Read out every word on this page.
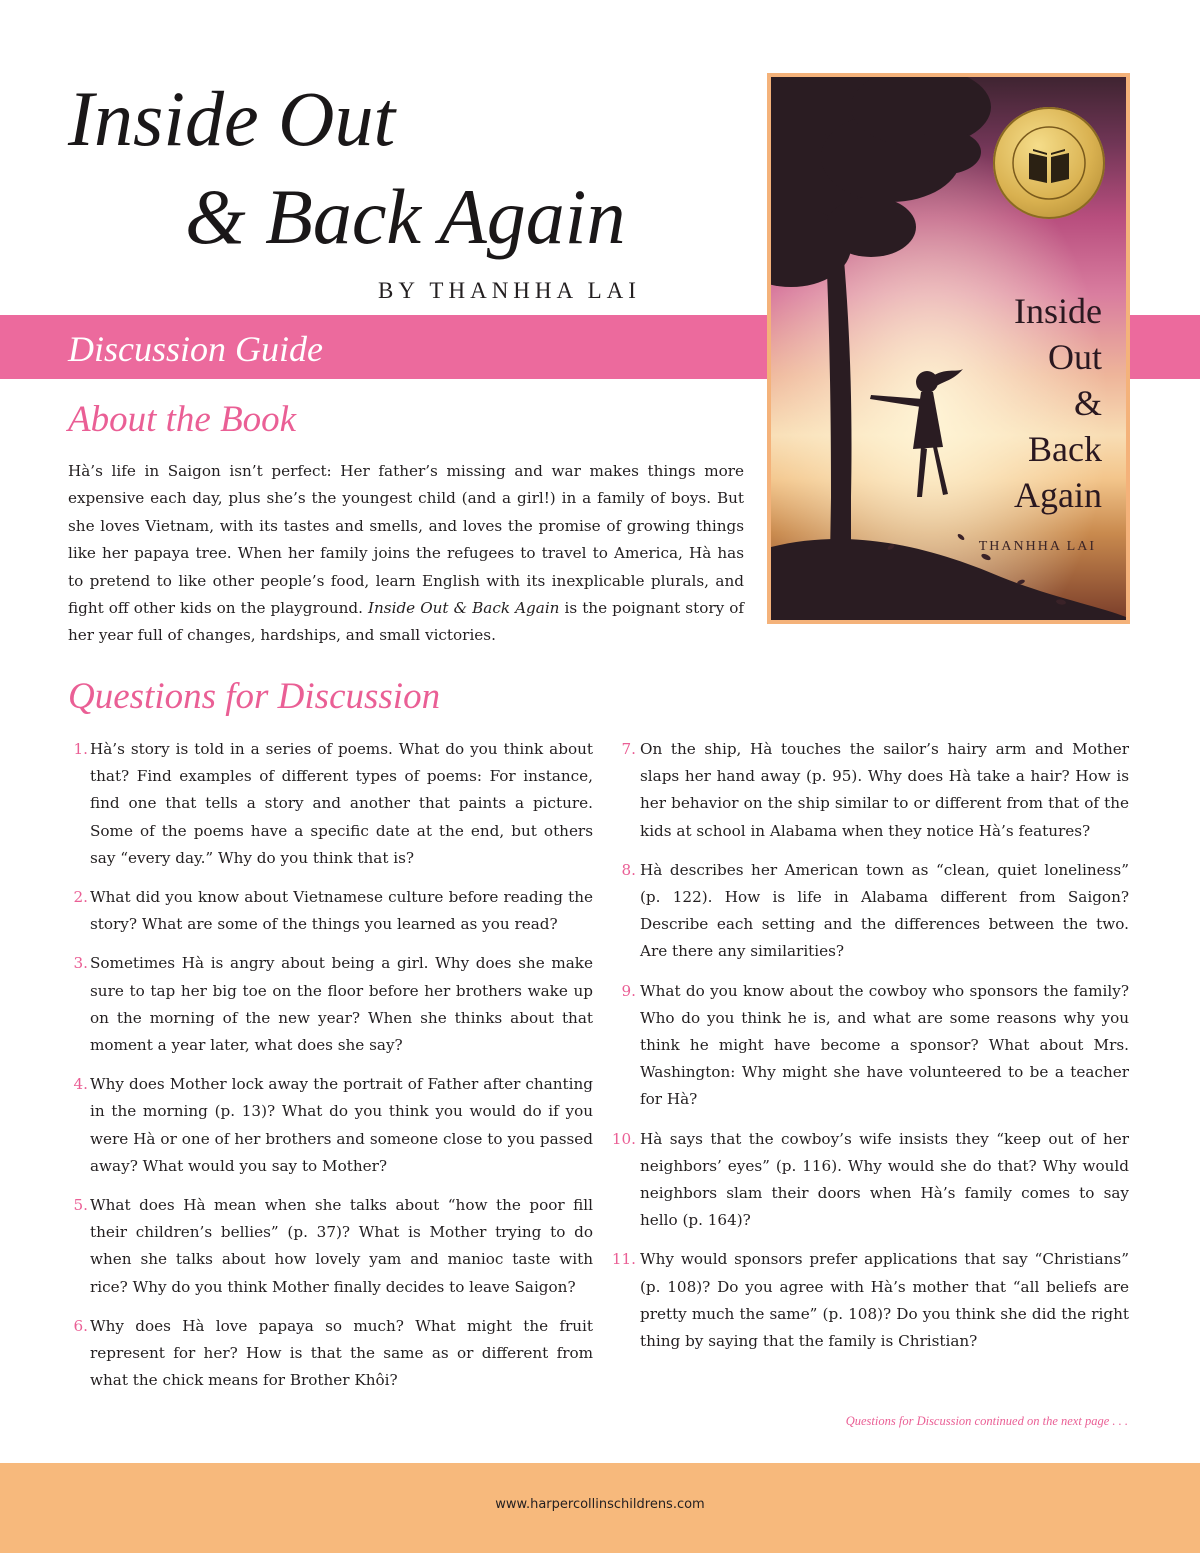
Inside Out
& Back Again
BY THANHHA LAI
Discussion Guide
Inside
Out
&
Back
Again
THANHHA LAI
About the Book

Hà’s life in Saigon isn’t perfect: Her father’s missing and war makes things more expensive each day, plus she’s the youngest child (and a girl!) in a family of boys. But she loves Vietnam, with its tastes and smells, and loves the promise of growing things like her papaya tree. When her family joins the refugees to travel to America, Hà has to pretend to like other people’s food, learn English with its inexplicable plurals, and fight off other kids on the playground. Inside Out & Back Again is the poignant story of her year full of changes, hardships, and small victories.

Questions for Discussion
1 . Hà’s story is told in a series of poems. What do you think about that? Find examples of different types of poems: For instance, find one that tells a story and another that paints a picture. Some of the poems have a specific date at the end, but others say “every day.” Why do you think that is?
2 . What did you know about Vietnamese culture before reading the story? What are some of the things you learned as you read?
3 . Sometimes Hà is angry about being a girl. Why does she make sure to tap her big toe on the floor before her brothers wake up on the morning of the new year? When she thinks about that moment a year later, what does she say?
4 . Why does Mother lock away the portrait of Father after chanting in the morning (p. 13)? What do you think you would do if you were Hà or one of her brothers and someone close to you passed away? What would you say to Mother?
5 . What does Hà mean when she talks about “how the poor fill their children’s bellies” (p. 37)? What is Mother trying to do when she talks about how lovely yam and manioc taste with rice? Why do you think Mother finally decides to leave Saigon?
6 . Why does Hà love papaya so much? What might the fruit represent for her? How is that the same as or different from what the chick means for Brother Khôi?
7 . On the ship, Hà touches the sailor’s hairy arm and Mother slaps her hand away (p. 95). Why does Hà take a hair? How is her behavior on the ship similar to or different from that of the kids at school in Alabama when they notice Hà’s features?
8 . Hà describes her American town as “clean, quiet loneliness” (p. 122). How is life in Alabama different from Saigon? Describe each setting and the differences between the two. Are there any similarities?
9 . What do you know about the cowboy who sponsors the family? Who do you think he is, and what are some reasons why you think he might have become a sponsor? What about Mrs. Washington: Why might she have volunteered to be a teacher for Hà?
10 . Hà says that the cowboy’s wife insists they “keep out of her neighbors’ eyes” (p. 116). Why would she do that? Why would neighbors slam their doors when Hà’s family comes to say hello (p. 164)?
11 . Why would sponsors prefer applications that say “Christians” (p. 108)? Do you agree with Hà’s mother that “all beliefs are pretty much the same” (p. 108)? Do you think she did the right thing by saying that the family is Christian?
Questions for Discussion continued on the next page . . .
www.harpercollinschildrens.com
